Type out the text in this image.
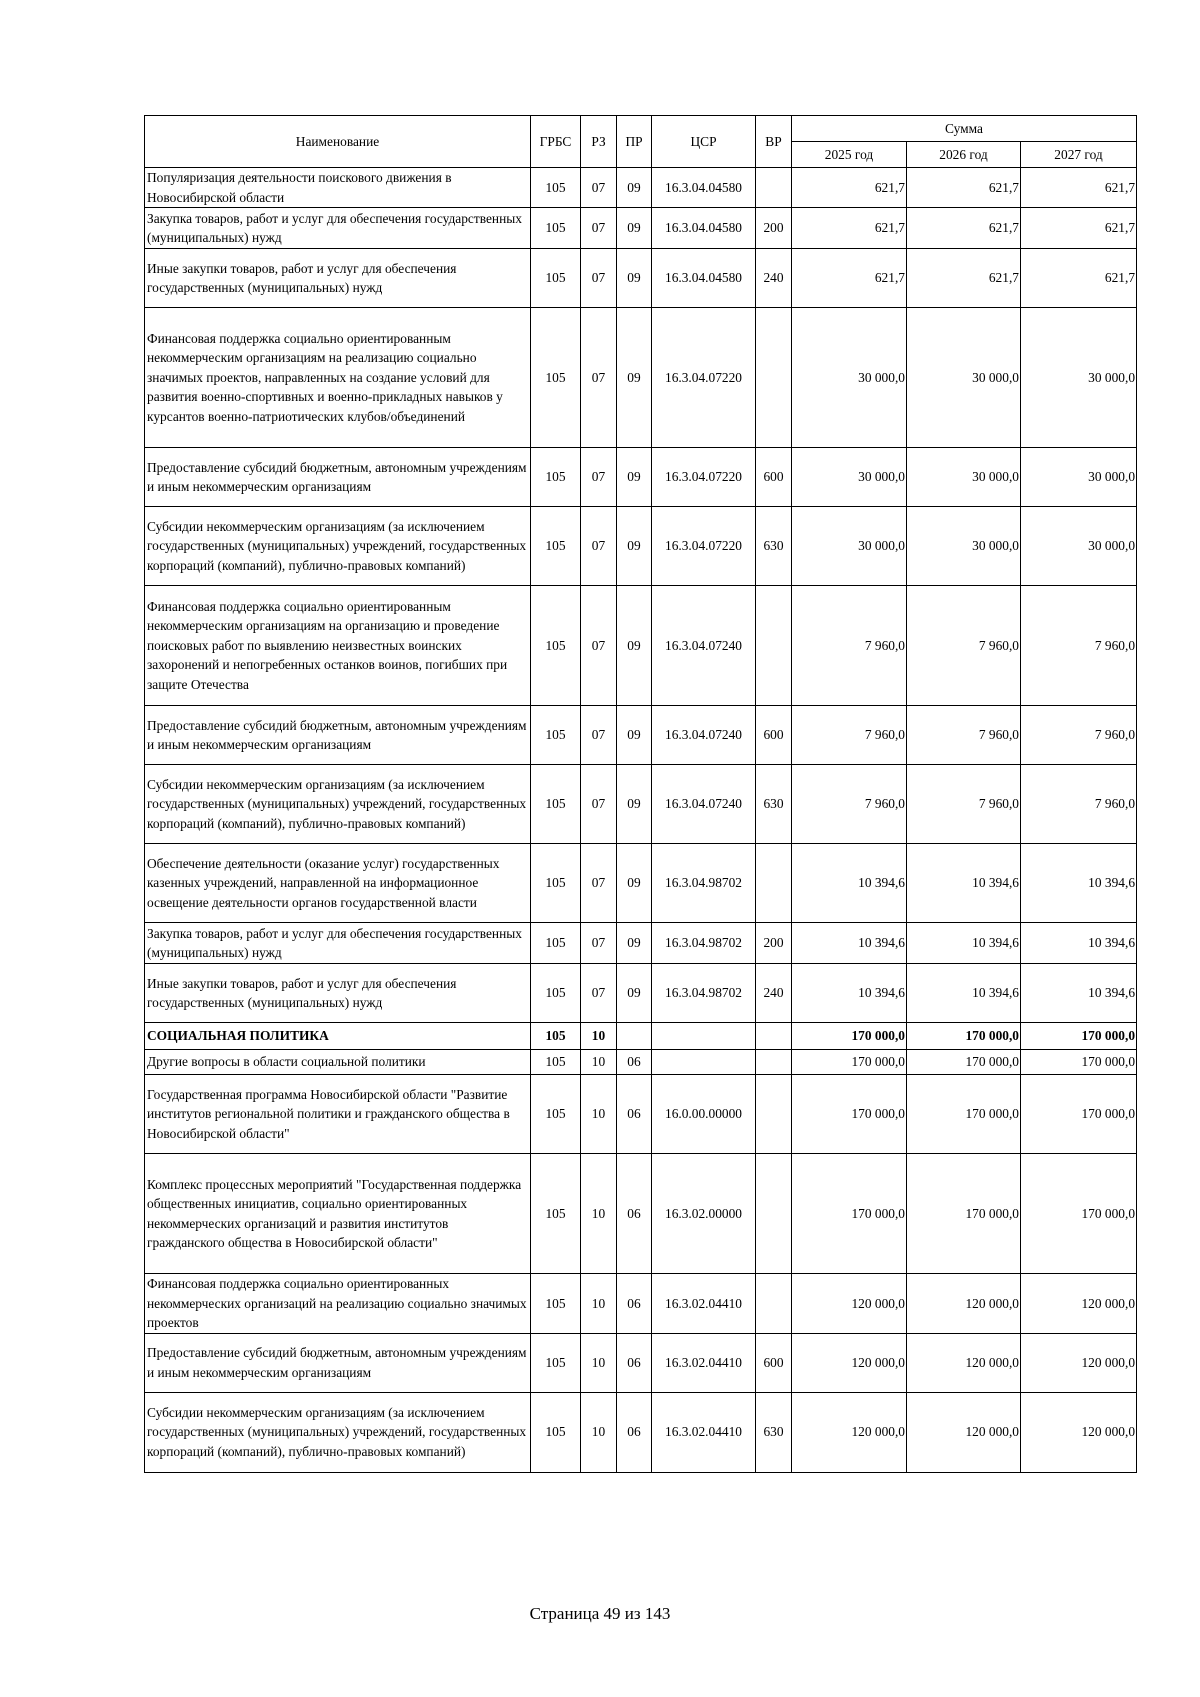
Наименование	ГРБС	РЗ	ПР	ЦСР	ВР	Сумма		
						2025 год	2026 год	2027 год
Популяризация деятельности поискового движения в Новосибирской области	105	07	09	16.3.04.04580		621,7	621,7	621,7
Закупка товаров, работ и услуг для обеспечения государственных (муниципальных) нужд	105	07	09	16.3.04.04580	200	621,7	621,7	621,7
Иные закупки товаров, работ и услуг для обеспечения государственных (муниципальных) нужд	105	07	09	16.3.04.04580	240	621,7	621,7	621,7
Финансовая поддержка социально ориентированным некоммерческим организациям на реализацию социально значимых проектов, направленных на создание условий для развития военно-спортивных и военно-прикладных навыков у курсантов военно-патриотических клубов/объединений	105	07	09	16.3.04.07220		30 000,0	30 000,0	30 000,0
Предоставление субсидий бюджетным, автономным учреждениям и иным некоммерческим организациям	105	07	09	16.3.04.07220	600	30 000,0	30 000,0	30 000,0
Субсидии некоммерческим организациям (за исключением государственных (муниципальных) учреждений, государственных корпораций (компаний), публично-правовых компаний)	105	07	09	16.3.04.07220	630	30 000,0	30 000,0	30 000,0
Финансовая поддержка социально ориентированным некоммерческим организациям на организацию и проведение поисковых работ по выявлению неизвестных воинских захоронений и непогребенных останков воинов, погибших при защите Отечества	105	07	09	16.3.04.07240		7 960,0	7 960,0	7 960,0
Предоставление субсидий бюджетным, автономным учреждениям и иным некоммерческим организациям	105	07	09	16.3.04.07240	600	7 960,0	7 960,0	7 960,0
Субсидии некоммерческим организациям (за исключением государственных (муниципальных) учреждений, государственных корпораций (компаний), публично-правовых компаний)	105	07	09	16.3.04.07240	630	7 960,0	7 960,0	7 960,0
Обеспечение деятельности (оказание услуг) государственных казенных учреждений, направленной на информационное освещение деятельности органов государственной власти	105	07	09	16.3.04.98702		10 394,6	10 394,6	10 394,6
Закупка товаров, работ и услуг для обеспечения государственных (муниципальных) нужд	105	07	09	16.3.04.98702	200	10 394,6	10 394,6	10 394,6
Иные закупки товаров, работ и услуг для обеспечения государственных (муниципальных) нужд	105	07	09	16.3.04.98702	240	10 394,6	10 394,6	10 394,6
СОЦИАЛЬНАЯ ПОЛИТИКА	105	10				170 000,0	170 000,0	170 000,0
Другие вопросы в области социальной политики	105	10	06			170 000,0	170 000,0	170 000,0
Государственная программа Новосибирской области "Развитие институтов региональной политики и гражданского общества в Новосибирской области"	105	10	06	16.0.00.00000		170 000,0	170 000,0	170 000,0
Комплекс процессных мероприятий "Государственная поддержка общественных инициатив, социально ориентированных некоммерческих организаций и развития институтов гражданского общества в Новосибирской области"	105	10	06	16.3.02.00000		170 000,0	170 000,0	170 000,0
Финансовая поддержка социально ориентированных некоммерческих организаций на реализацию социально значимых проектов	105	10	06	16.3.02.04410		120 000,0	120 000,0	120 000,0
Предоставление субсидий бюджетным, автономным учреждениям и иным некоммерческим организациям	105	10	06	16.3.02.04410	600	120 000,0	120 000,0	120 000,0
Субсидии некоммерческим организациям (за исключением государственных (муниципальных) учреждений, государственных корпораций (компаний), публично-правовых компаний)	105	10	06	16.3.02.04410	630	120 000,0	120 000,0	120 000,0
Страница 49 из 143
